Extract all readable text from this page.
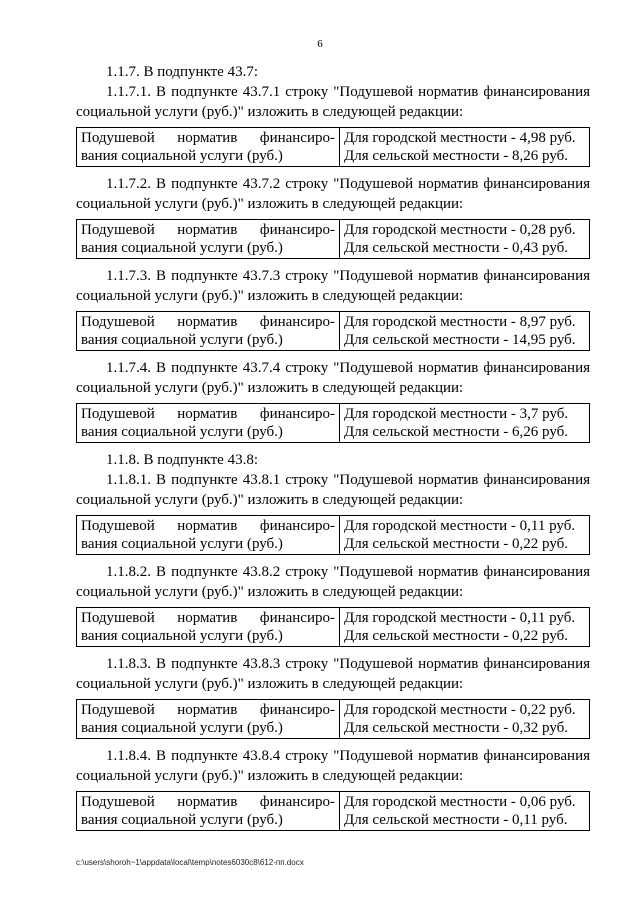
6

1.1.7. В подпункте 43.7:

1.1.7.1. В подпункте 43.7.1 строку "Подушевой норматив финансирования социальной услуги (руб.)" изложить в следующей редакции:

Подушевой норматив финансиро-
вания социальной услуги (руб.)

Для городской местности - 4,98 руб.
Для сельской местности - 8,26 руб.

1.1.7.2. В подпункте 43.7.2 строку "Подушевой норматив финансирования социальной услуги (руб.)" изложить в следующей редакции:

Подушевой норматив финансиро-
вания социальной услуги (руб.)

Для городской местности - 0,28 руб.
Для сельской местности - 0,43 руб.

1.1.7.3. В подпункте 43.7.3 строку "Подушевой норматив финансирования социальной услуги (руб.)" изложить в следующей редакции:

Подушевой норматив финансиро-
вания социальной услуги (руб.)

Для городской местности - 8,97 руб.
Для сельской местности - 14,95 руб.

1.1.7.4. В подпункте 43.7.4 строку "Подушевой норматив финансирования социальной услуги (руб.)" изложить в следующей редакции:

Подушевой норматив финансиро-
вания социальной услуги (руб.)

Для городской местности - 3,7 руб.
Для сельской местности - 6,26 руб.

1.1.8. В подпункте 43.8:

1.1.8.1. В подпункте 43.8.1 строку "Подушевой норматив финансирования социальной услуги (руб.)" изложить в следующей редакции:

Подушевой норматив финансиро-
вания социальной услуги (руб.)

Для городской местности - 0,11 руб.
Для сельской местности - 0,22 руб.

1.1.8.2. В подпункте 43.8.2 строку "Подушевой норматив финансирования социальной услуги (руб.)" изложить в следующей редакции:

Подушевой норматив финансиро-
вания социальной услуги (руб.)

Для городской местности - 0,11 руб.
Для сельской местности - 0,22 руб.

1.1.8.3. В подпункте 43.8.3 строку "Подушевой норматив финансирования социальной услуги (руб.)" изложить в следующей редакции:

Подушевой норматив финансиро-
вания социальной услуги (руб.)

Для городской местности - 0,22 руб.
Для сельской местности - 0,32 руб.

1.1.8.4. В подпункте 43.8.4 строку "Подушевой норматив финансирования социальной услуги (руб.)" изложить в следующей редакции:

Подушевой норматив финансиро-
вания социальной услуги (руб.)

Для городской местности - 0,06 руб.
Для сельской местности - 0,11 руб.
c:\users\shoroh~1\appdata\local\temp\notes6030c8\612-пп.docx
